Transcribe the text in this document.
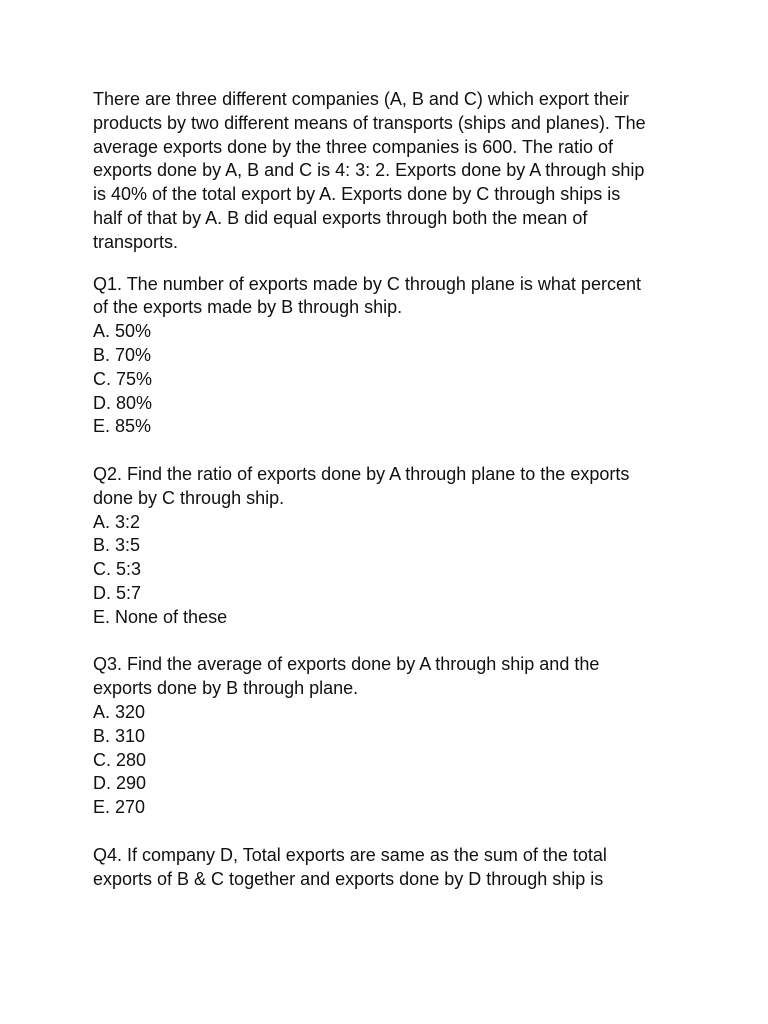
There are three different companies (A, B and C) which export their
products by two different means of transports (ships and planes). The
average exports done by the three companies is 600. The ratio of
exports done by A, B and C is 4: 3: 2. Exports done by A through ship
is 40% of the total export by A. Exports done by C through ships is
half of that by A. B did equal exports through both the mean of
transports.
Q1. The number of exports made by C through plane is what percent
of the exports made by B through ship.
A. 50%
B. 70%
C. 75%
D. 80%
E. 85%
Q2. Find the ratio of exports done by A through plane to the exports
done by C through ship.
A. 3:2
B. 3:5
C. 5:3
D. 5:7
E. None of these
Q3. Find the average of exports done by A through ship and the
exports done by B through plane.
A. 320
B. 310
C. 280
D. 290
E. 270
Q4. If company D, Total exports are same as the sum of the total
exports of B & C together and exports done by D through ship is
